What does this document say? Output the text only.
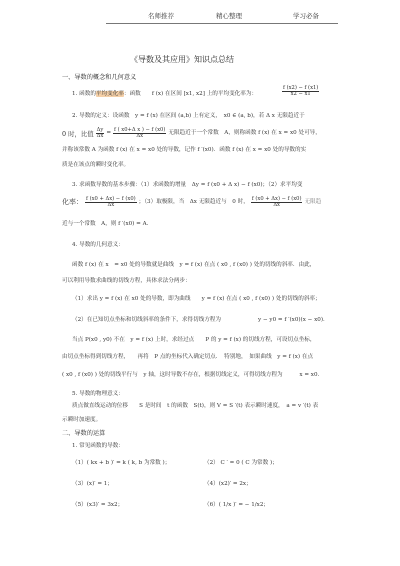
名师推荐	精心整理	学习必备
《导数及其应用》知识点总结
一、导数的概念和几何意义
1. 函数的平均变化率：函数　　f (x) 在区间 [x1, x2] 上的平均变化率为：	$\frac{f (x2) - f (x1)}{x2 - x1}$
2. 导数的定义：设函数　y = f (x) 在区间 (a,b) 上有定义，　x0 ∈ (a, b)，若 Δ x 无限趋近于
0 时，比值 $\frac{\Delta y}{\Delta x} = \frac{\text{f ( x0+Δ x ) − f (x0)}}{\Delta x}$ 无限趋近于一个常数　A，则称函数 f (x) 在 x = x0 处可导，
并称该常数 A 为函数 f (x) 在 x = x0 处的导数，记作 f ′(x0)．函数 f (x) 在 x = x0 处的导数的实
质是在该点的瞬时变化率。
3. 求函数导数的基本步骤：（1）求函数的增量　Δy = f (x0 + Δ x) − f (x0)；（2）求平均变
化率： $\frac{f (x0 + \Delta x) - f (x0)}{\Delta x}$ ；（3）取极限，当　Δx 无限趋近与　0 时， $\frac{f (x0 + \Delta x) - f (x0)}{\Delta x}$ 无限趋
近与一个常数　A，则 f ′(x0) = A.
4. 导数的几何意义：
函数 f (x) 在 x　= x0 处的导数就是曲线　y = f (x) 在点 ( x0 , f (x0) ) 处的切线的斜率．由此，
可以利用导数求曲线的切线方程，具体求法分两步：
（1）求出 y = f (x) 在 x0 处的导数，即为曲线　　y = f (x) 在点 ( x0 , f (x0) ) 处的切线的斜率；
（2）在已知切点坐标和切线斜率的条件下，求得切线方程为	y − y0 = f ′(x0)(x − x0)．
当点 P(x0 , y0) 不在　y = f (x) 上时，求经过点　　P 的 y = f (x) 的切线方程，可设切点坐标，
由切点坐标得到切线方程，　　再将　P 点的坐标代入确定切点．　特别地，　如果曲线　y = f (x) 在点
( x0 , f (x0) ) 处的切线平行与　y 轴，这时导数不存在，根据切线定义，可得切线方程为　　　x = x0．
5. 导数的物理意义：
质点做直线运动的位移　　S 是时间　t 的函数　S(t)，则 V = S ′(t) 表示瞬时速度，　a = v ′(t) 表
示瞬时加速度。
二、导数的运算
1. 常见函数的导数：
（1）( kx + b )′ = k ( k, b 为常数 )；	（2） C ′ = 0 ( C 为常数 )；
（3）(x)′ = 1；	（4）(x2)′ = 2x；
（5）(x3)′ = 3x2；	（6）( 1/x )′ = − 1/x2；
